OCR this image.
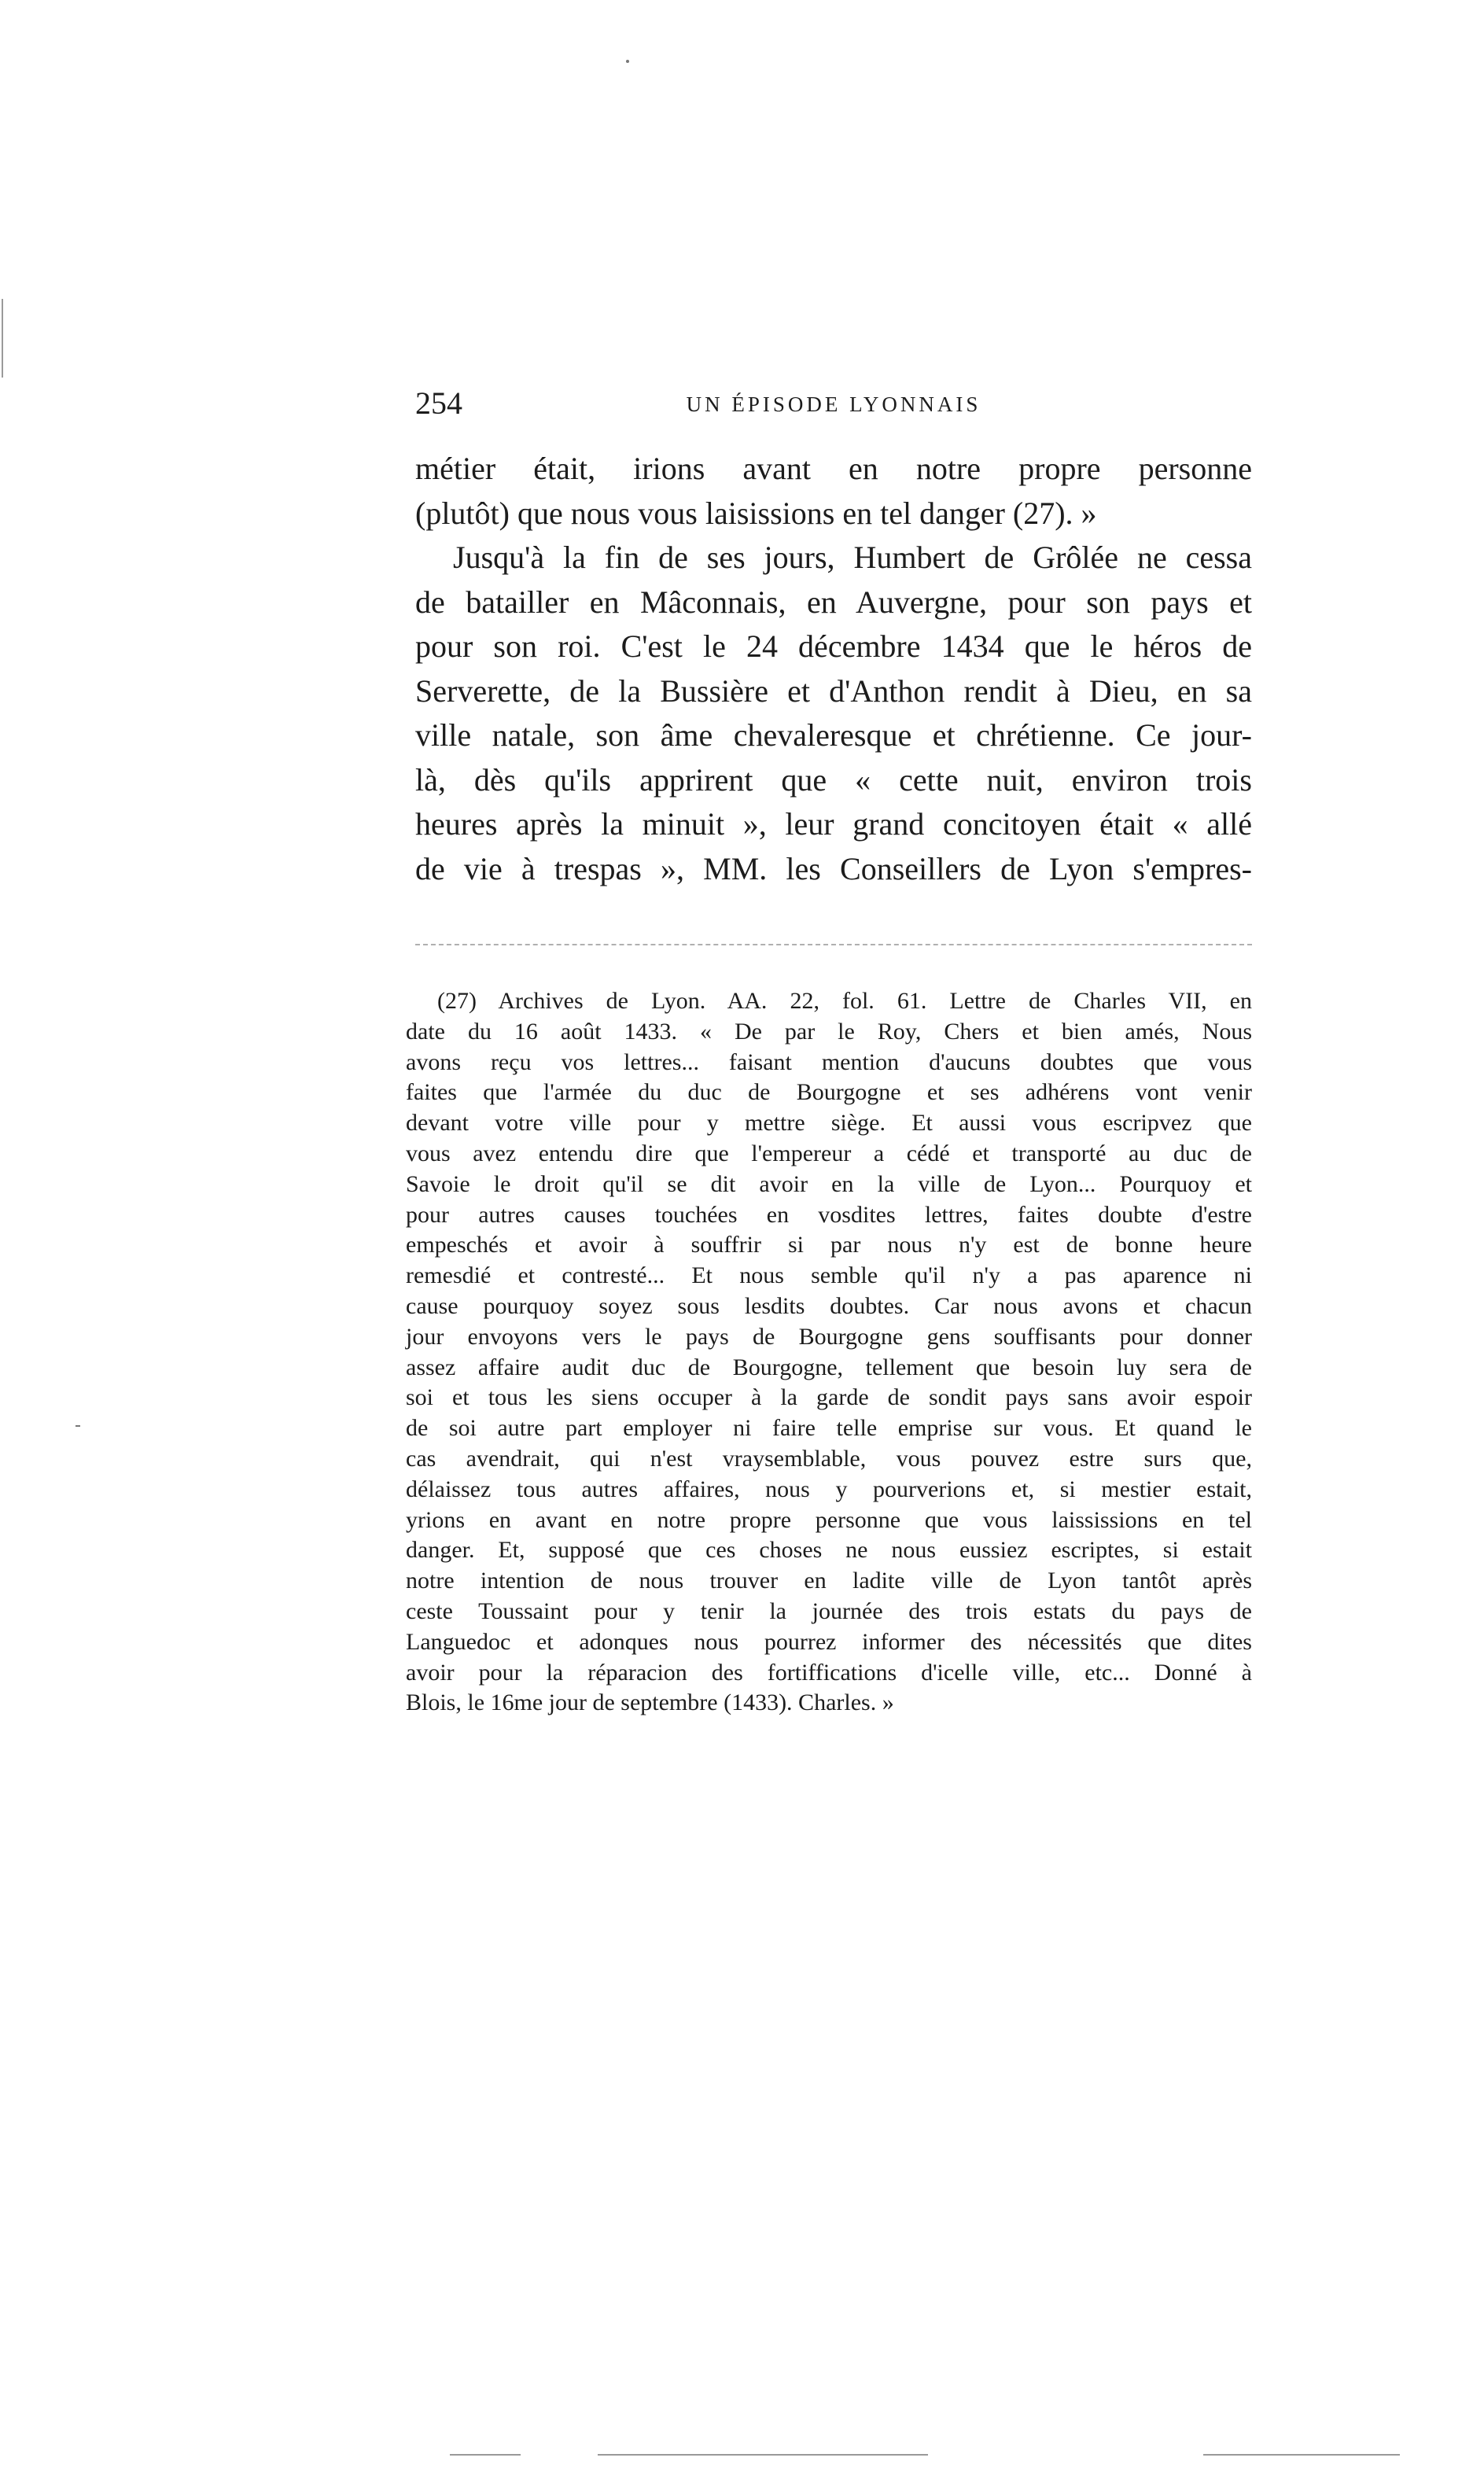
254	UN ÉPISODE LYONNAIS
métier était, irions avant en notre propre personne
(plutôt) que nous vous laisissions en tel danger (27). »
Jusqu'à la fin de ses jours, Humbert de Grôlée ne cessa
de batailler en Mâconnais, en Auvergne, pour son pays et
pour son roi. C'est le 24 décembre 1434 que le héros de
Serverette, de la Bussière et d'Anthon rendit à Dieu, en sa
ville natale, son âme chevaleresque et chrétienne. Ce jour-
là, dès qu'ils apprirent que « cette nuit, environ trois
heures après la minuit », leur grand concitoyen était « allé
de vie à trespas », MM. les Conseillers de Lyon s'empres-
(27) Archives de Lyon. AA. 22, fol. 61. Lettre de Charles VII, en
date du 16 août 1433. « De par le Roy, Chers et bien amés, Nous
avons reçu vos lettres... faisant mention d'aucuns doubtes que vous
faites que l'armée du duc de Bourgogne et ses adhérens vont venir
devant votre ville pour y mettre siège. Et aussi vous escripvez que
vous avez entendu dire que l'empereur a cédé et transporté au duc de
Savoie le droit qu'il se dit avoir en la ville de Lyon... Pourquoy et
pour autres causes touchées en vosdites lettres, faites doubte d'estre
empeschés et avoir à souffrir si par nous n'y est de bonne heure
remesdié et contresté... Et nous semble qu'il n'y a pas aparence ni
cause pourquoy soyez sous lesdits doubtes. Car nous avons et chacun
jour envoyons vers le pays de Bourgogne gens souffisants pour donner
assez affaire audit duc de Bourgogne, tellement que besoin luy sera de
soi et tous les siens occuper à la garde de sondit pays sans avoir espoir
de soi autre part employer ni faire telle emprise sur vous. Et quand le
cas avendrait, qui n'est vraysemblable, vous pouvez estre surs que,
délaissez tous autres affaires, nous y pourverions et, si mestier estait,
yrions en avant en notre propre personne que vous laississions en tel
danger. Et, supposé que ces choses ne nous eussiez escriptes, si estait
notre intention de nous trouver en ladite ville de Lyon tantôt après
ceste Toussaint pour y tenir la journée des trois estats du pays de
Languedoc et adonques nous pourrez informer des nécessités que dites
avoir pour la réparacion des fortiffications d'icelle ville, etc... Donné à
Blois, le 16me jour de septembre (1433). Charles. »
